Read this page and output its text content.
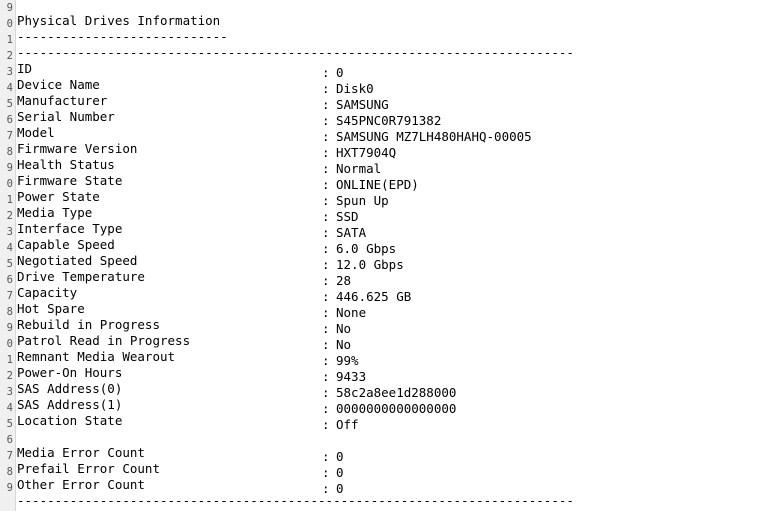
9
0
1
2
3
4
5
6
7
8
9
0
1
2
3
4
5
6
7
8
9
0
1
2
3
4
5
6
7
8
9
Physical Drives Information
----------------------------
--------------------------------------------------------------------------
ID	: 0
Device Name	: Disk0
Manufacturer	: SAMSUNG
Serial Number	: S45PNC0R791382
Model	: SAMSUNG MZ7LH480HAHQ-00005
Firmware Version	: HXT7904Q
Health Status	: Normal
Firmware State	: ONLINE(EPD)
Power State	: Spun Up
Media Type	: SSD
Interface Type	: SATA
Capable Speed	: 6.0 Gbps
Negotiated Speed	: 12.0 Gbps
Drive Temperature	: 28
Capacity	: 446.625 GB
Hot Spare	: None
Rebuild in Progress	: No
Patrol Read in Progress	: No
Remnant Media Wearout	: 99%
Power-On Hours	: 9433
SAS Address(0)	: 58c2a8ee1d288000
SAS Address(1)	: 0000000000000000
Location State	: Off
Media Error Count	: 0
Prefail Error Count	: 0
Other Error Count	: 0
--------------------------------------------------------------------------
